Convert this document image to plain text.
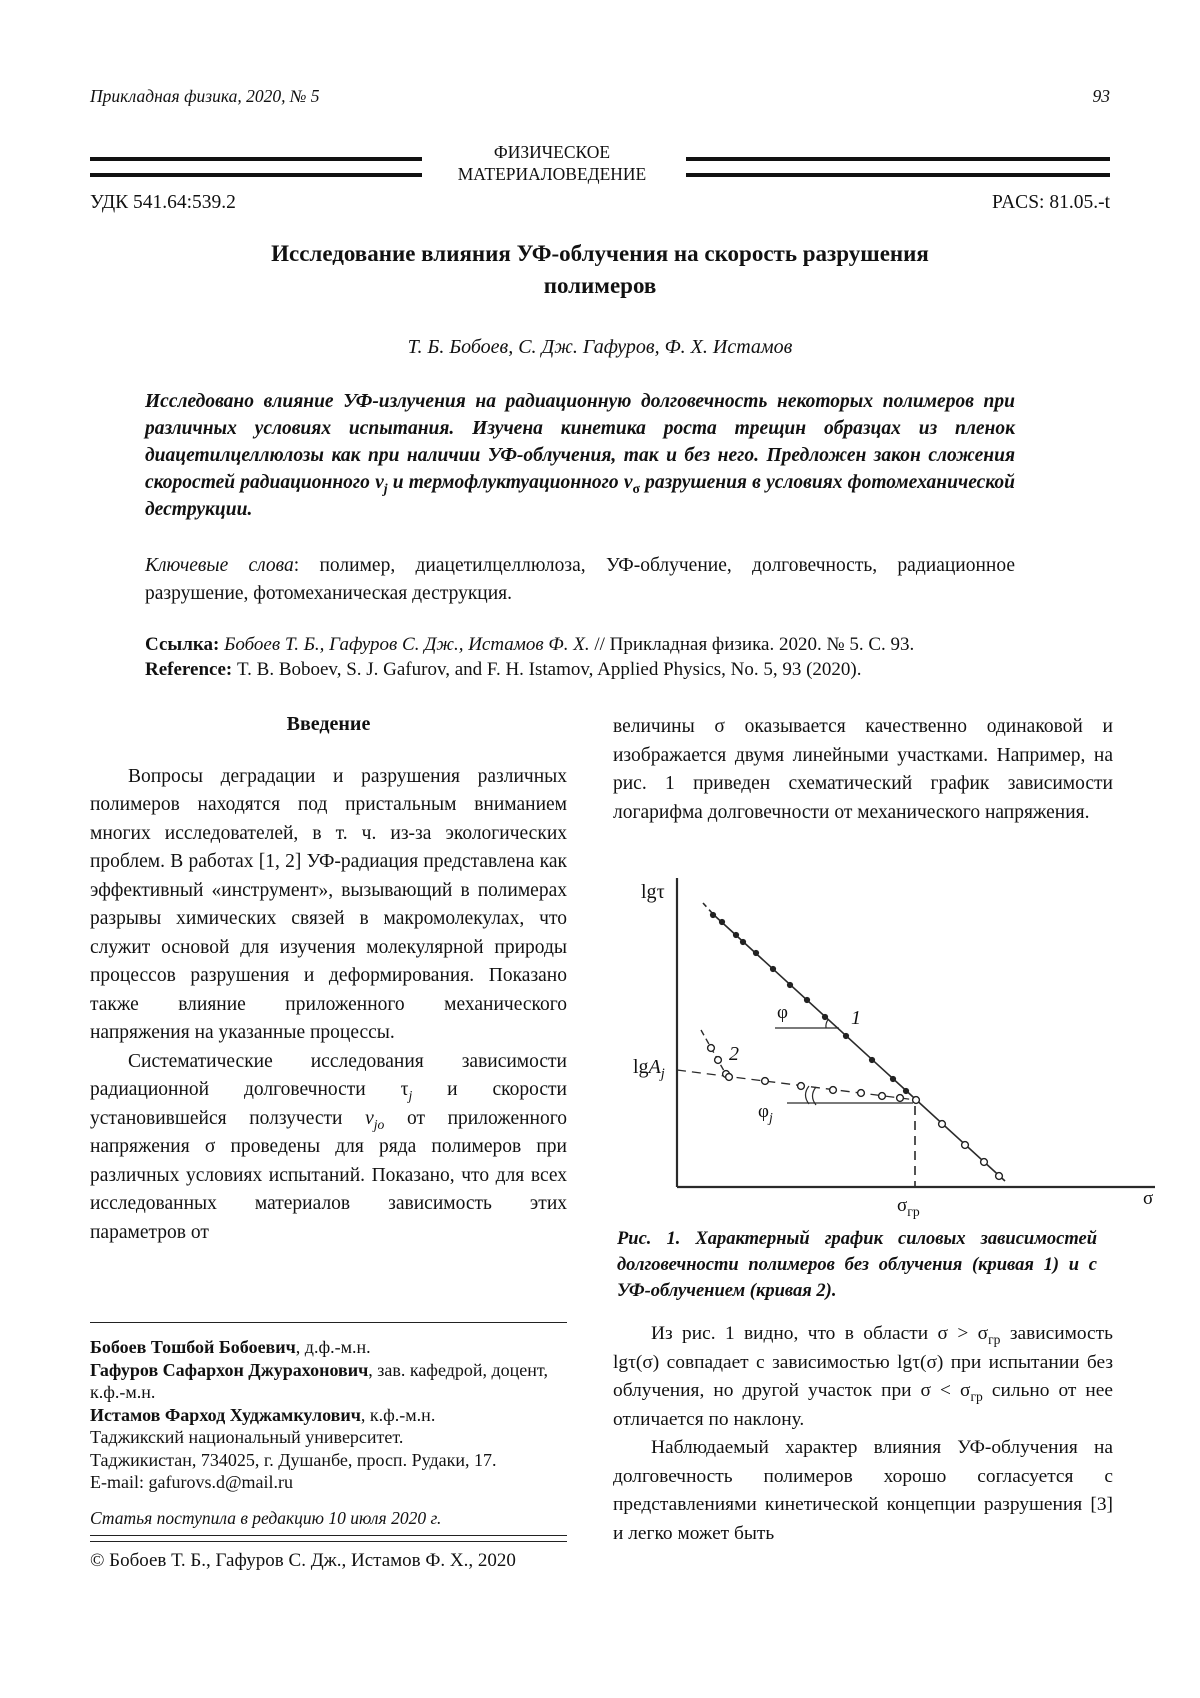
Прикладная физика, 2020, № 5	93
ФИЗИЧЕСКОЕ
МАТЕРИАЛОВЕДЕНИЕ
УДК 541.64:539.2	PACS: 81.05.-t
Исследование влияния УФ-облучения на скорость разрушения полимеров
Т. Б. Бобоев, С. Дж. Гафуров, Ф. Х. Истамов

Исследовано влияние УФ-излучения на радиационную долговечность некоторых полимеров при различных условиях испытания. Изучена кинетика роста трещин образцах из пленок диацетилцеллюлозы как при наличии УФ-облучения, так и без него. Предложен закон сложения скоростей радиационного $v_j$ и термофлуктуационного $v_\sigma$ разрушения в условиях фотомеханической деструкции.

Ключевые слова: полимер, диацетилцеллюлоза, УФ-облучение, долговечность, радиационное разрушение, фотомеханическая деструкция.

Ссылка: Бобоев Т. Б., Гафуров С. Дж., Истамов Ф. Х. // Прикладная физика. 2020. № 5. С. 93.
Reference: T. B. Boboev, S. J. Gafurov, and F. H. Istamov, Applied Physics, No. 5, 93 (2020).
Введение

Вопросы деградации и разрушения различных полимеров находятся под пристальным вниманием многих исследователей, в т. ч. из-за экологических проблем. В работах [1, 2] УФ-радиация представлена как эффективный «инструмент», вызывающий в полимерах разрывы химических связей в макромолекулах, что служит основой для изучения молекулярной природы процессов разрушения и деформирования. Показано также влияние приложенного механического напряжения на указанные процессы.

Систематические исследования зависимости радиационной долговечности $\tau_j$ и скорости установившейся ползучести $v_{jо}$ от приложенного напряжения σ проведены для ряда полимеров при различных условиях испытаний. Показано, что для всех исследованных материалов зависимость этих параметров от

величины σ оказывается качественно одинаковой и изображается двумя линейными участками. Например, на рис. 1 приведен схематический график зависимости логарифма долговечности от механического напряжения.

lgτ
lgA$_j$
φ	1
2
$\varphi_j$
$\sigma_{гр}$
σ

Рис. 1. Характерный график силовых зависимостей долговечности полимеров без облучения (кривая 1) и с УФ-облучением (кривая 2).

Из рис. 1 видно, что в области $\sigma > \sigma_{гр}$ зависимость lgτ(σ) совпадает с зависимостью lgτ(σ) при испытании без облучения, но другой участок при $\sigma < \sigma_{гр}$ сильно от нее отличается по наклону.

Наблюдаемый характер влияния УФ-облучения на долговечность полимеров хорошо согласуется с представлениями кинетической концепции разрушения [3] и легко может быть

Бобоев Тошбой Бобоевич, д.ф.-м.н.
Гафуров Сафархон Джурахонович, зав. кафедрой, доцент, к.ф.-м.н.
Истамов Фарход Худжамкулович, к.ф.-м.н.
Таджикский национальный университет.
Таджикистан, 734025, г. Душанбе, просп. Рудаки, 17.
E-mail: gafurovs.d@mail.ru
Статья поступила в редакцию 10 июля 2020 г.
© Бобоев Т. Б., Гафуров С. Дж., Истамов Ф. Х., 2020
